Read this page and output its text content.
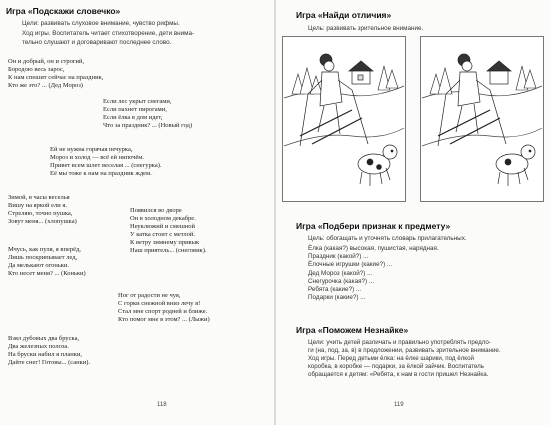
Игра «Подскажи словечко»
Цели: развивать слуховое внимание, чувство рифмы.
Ход игры. Воспитатель читает стихотворение, дети внима-
тельно слушают и договаривают последнее слово.
Он и добрый, он и строгий,
Бородою весь зарос,
К нам спешит сейчас на праздник,
Кто же это? ... (Дед Мороз)
Если лес укрыт снегами,
Если пахнет пирогами,
Если ёлка в дом идет,
Что за праздник? ... (Новый год)
Ей не нужна горячая печурка,
Мороз и холод — всё ей нипочём.
Привет всем шлет веселая ... (снегурка).
Её мы тоже к нам на праздник ждем.
Зимой, в часы веселья
Вишу на яркой ели я.
Стреляю, точно пушка,
Зовут меня... (хлопушка)
Появился во дворе
Он в холодном декабре.
Неуклюжий и смешной
У катка стоит с метлой.
К ветру зимнему привык
Наш приятель... (снеговик).
Мчусь, как пуля, я вперёд,
Лишь поскрипывает лед,
Да мелькают огоньки.
Кто несет меня? ... (Коньки)
Ног от радости не чуя,
С горки снежной вниз лечу я!
Стал мне спорт родней и ближе.
Кто помог мне в этом? ... (Лыжи)
Взял дубовых два бруска,
Два железных полоза.
На бруски набил я планки,
Дайте снег! Готовы... (санки).
118
Игра «Найди отличия»
Цель: развивать зрительное внимание.
Игра «Подбери признак к предмету»
Цель: обогащать и уточнять словарь прилагательных.
Ёлка (какая?) высокая, пушистая, нарядная.
Праздник (какой?) ...
Ёлочные игрушки (какие?) ...
Дед Мороз (какой?) ...
Снегурочка (какая?) ...
Ребята (какие?) ...
Подарки (какие?) ...
Игра «Поможем Незнайке»
Цели: учить детей различать и правильно употреблять предло-
ги (на, под, за, в) в предложении, развивать зрительное внимание.
Ход игры. Перед детьми ёлка: на ёлке шарики, под ёлкой
коробка, в коробке — подарки, за ёлкой зайчик. Воспитатель
обращается к детям: «Ребята, к нам в гости пришел Незнайка.
119
